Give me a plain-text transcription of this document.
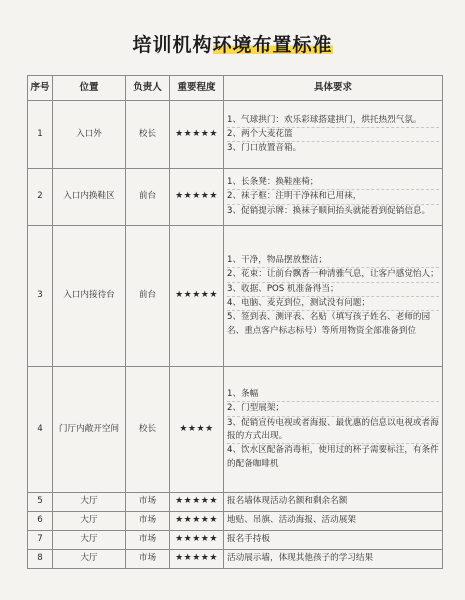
培训机构环境布置标准
序号	位置	负责人	重要程度	具体要求
1	入口外	校长	★★★★★	1、气球拱门：欢乐彩球搭建拱门，烘托热烈气氛。
2、两个大麦花篮
3、门口放置音箱。

2	入口内换鞋区	前台	★★★★★	1、长条凳：换鞋座椅；
2、袜子框：注明干净袜和已用袜，
3、促销提示牌：换袜子顺间抬头就能看到促销信息。

3	入口内接待台	前台	★★★★★	1、干净，物品摆放整洁；
2、花束：让前台飘香一种清雅气息，让客户感觉怡人；
3、收据、POS 机准备得当；
4、电脑、麦克到位，测试没有问题；
5、签到表、测评表、名贴（填写孩子姓名、老师的园名、重点客户标志标号）等所用物资全部准备到位

4	门厅内敞开空间	校长	★★★★	1、条幅
2、门型展架；
3、促销宣传电视或者海报、最优惠的信息以电视或者海报的方式出现。
4、饮水区配备消毒柜，使用过的杯子需要标注，有条件的配备咖啡机

5	大厅	市场	★★★★★	报名墙体现活动名额和剩余名额

6	大厅	市场	★★★★★	地贴、吊旗、活动海报、活动展架

7	大厅	市场	★★★★★	报名手持板

8	大厅	市场	★★★★★	活动展示墙，体现其他孩子的学习结果
